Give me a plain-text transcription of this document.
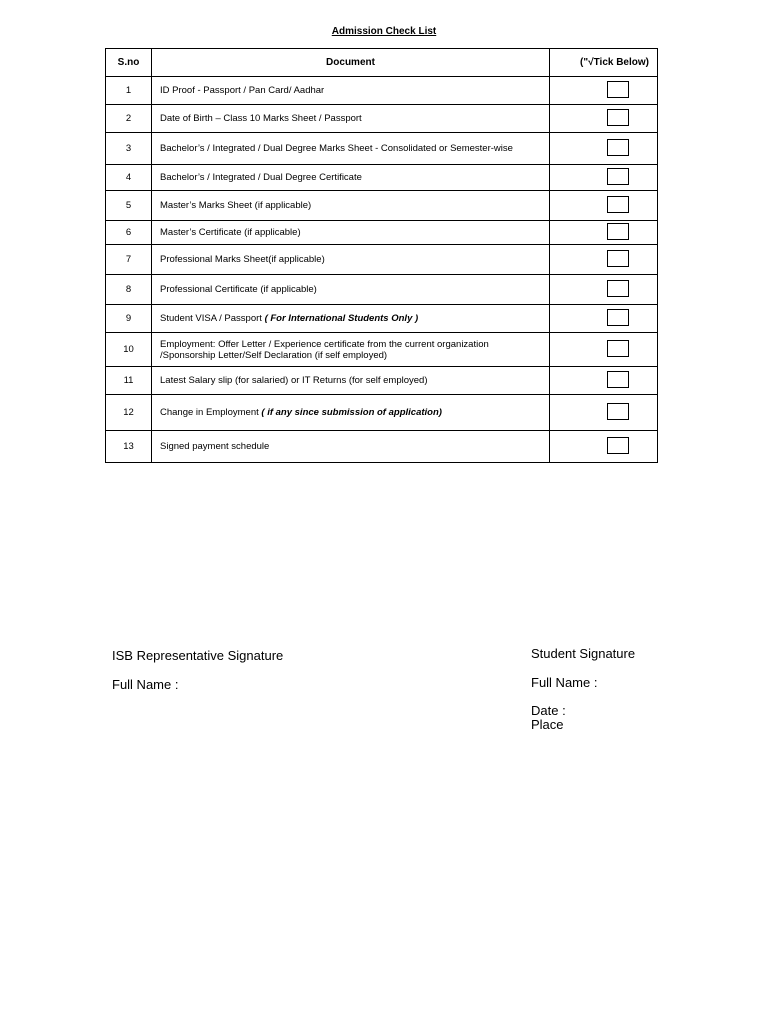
Admission Check List
S.no	Document	("√Tick Below)
1	ID Proof - Passport / Pan Card/ Aadhar	
2	Date of Birth – Class 10 Marks Sheet / Passport	
3	Bachelor’s / Integrated / Dual Degree Marks Sheet - Consolidated or Semester-wise	
4	Bachelor’s / Integrated / Dual Degree Certificate	
5	Master’s Marks Sheet (if applicable)	
6	Master’s Certificate (if applicable)	
7	Professional Marks Sheet(if applicable)	
8	Professional Certificate (if applicable)	
9	Student VISA / Passport ( For International Students Only )	
10	Employment: Offer Letter / Experience certificate from the current organization /Sponsorship Letter/Self Declaration (if self employed)	
11	Latest Salary slip (for salaried) or IT Returns (for self employed)	
12	Change in Employment ( if any since submission of application)	
13	Signed payment schedule	
ISB Representative Signature
Full Name :
Student Signature
Full Name :
Date :
Place
